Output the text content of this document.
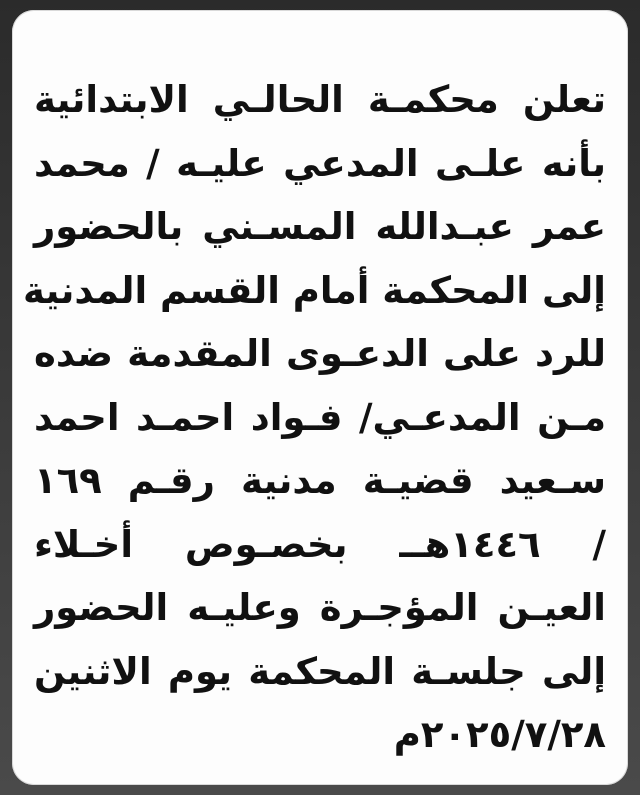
تعلن محكمـة الحالـي الابتدائية
بأنه علـى المدعي عليـه / محمد
عمر عبـدالله المسـني بالحضور
إلى المحكمة أمام القسم المدنية
للرد على الدعـوى المقدمة ضده
مـن المدعـي/ فـواد احمـد احمد
سـعيد قضيـة مدنية رقـم ١٦٩
/ ١٤٤٦هــ بخصـوص أخـلاء
العيـن المؤجـرة وعليـه الحضور
إلى جلسـة المحكمة يوم الاثنين
٢٠٢٥/٧/٢٨م
